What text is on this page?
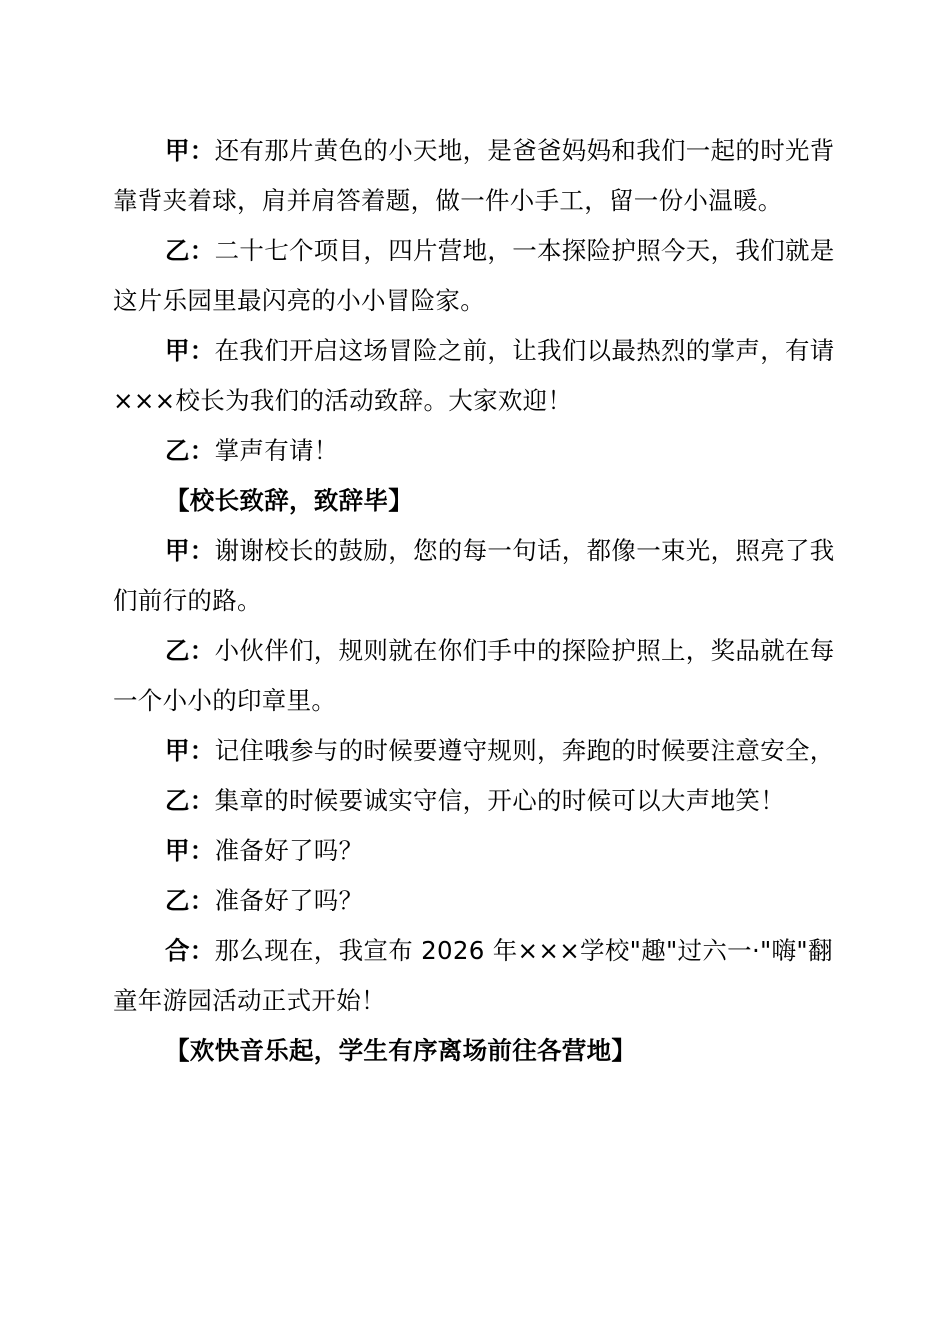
甲：还有那片黄色的小天地，是爸爸妈妈和我们一起的时光背靠背夹着球，肩并肩答着题，做一件小手工，留一份小温暖。

乙：二十七个项目，四片营地，一本探险护照今天，我们就是这片乐园里最闪亮的小小冒险家。

甲：在我们开启这场冒险之前，让我们以最热烈的掌声，有请×××校长为我们的活动致辞。大家欢迎！

乙：掌声有请！

【校长致辞，致辞毕】

甲：谢谢校长的鼓励，您的每一句话，都像一束光，照亮了我们前行的路。

乙：小伙伴们，规则就在你们手中的探险护照上，奖品就在每一个小小的印章里。

甲：记住哦参与的时候要遵守规则，奔跑的时候要注意安全，

乙：集章的时候要诚实守信，开心的时候可以大声地笑！

甲：准备好了吗？

乙：准备好了吗？

合：那么现在，我宣布 2026 年×××学校"趣"过六一·"嗨"翻童年游园活动正式开始！

【欢快音乐起，学生有序离场前往各营地】
